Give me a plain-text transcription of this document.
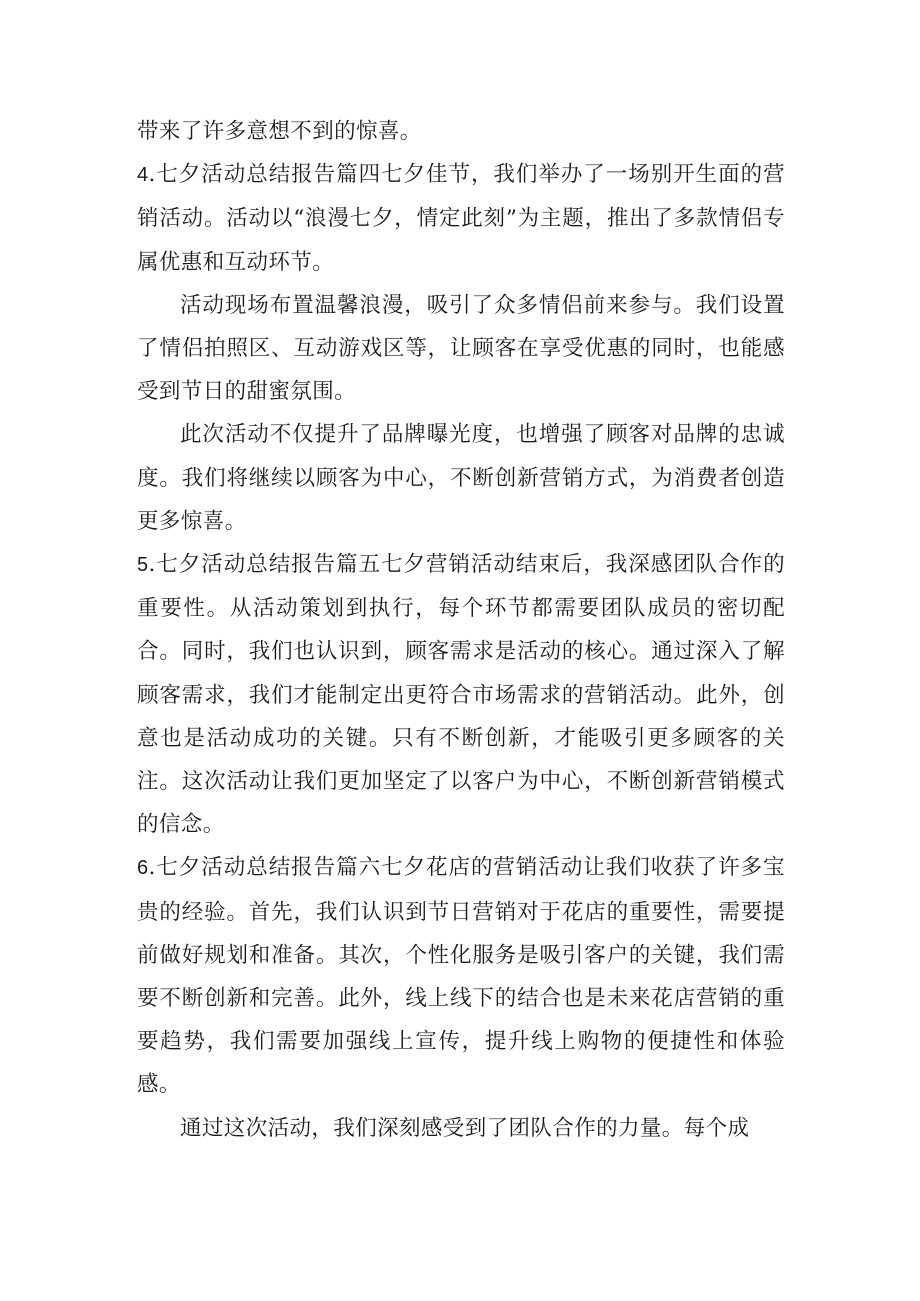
带来了许多意想不到的惊喜。

4.七夕活动总结报告篇四七夕佳节，我们举办了一场别开生面的营销活动。活动以“浪漫七夕，情定此刻”为主题，推出了多款情侣专属优惠和互动环节。

活动现场布置温馨浪漫，吸引了众多情侣前来参与。我们设置了情侣拍照区、互动游戏区等，让顾客在享受优惠的同时，也能感受到节日的甜蜜氛围。

此次活动不仅提升了品牌曝光度，也增强了顾客对品牌的忠诚度。我们将继续以顾客为中心，不断创新营销方式，为消费者创造更多惊喜。

5.七夕活动总结报告篇五七夕营销活动结束后，我深感团队合作的重要性。从活动策划到执行，每个环节都需要团队成员的密切配合。同时，我们也认识到，顾客需求是活动的核心。通过深入了解顾客需求，我们才能制定出更符合市场需求的营销活动。此外，创意也是活动成功的关键。只有不断创新，才能吸引更多顾客的关注。这次活动让我们更加坚定了以客户为中心，不断创新营销模式的信念。

6.七夕活动总结报告篇六七夕花店的营销活动让我们收获了许多宝贵的经验。首先，我们认识到节日营销对于花店的重要性，需要提前做好规划和准备。其次，个性化服务是吸引客户的关键，我们需要不断创新和完善。此外，线上线下的结合也是未来花店营销的重要趋势，我们需要加强线上宣传，提升线上购物的便捷性和体验感。

通过这次活动，我们深刻感受到了团队合作的力量。每个成
